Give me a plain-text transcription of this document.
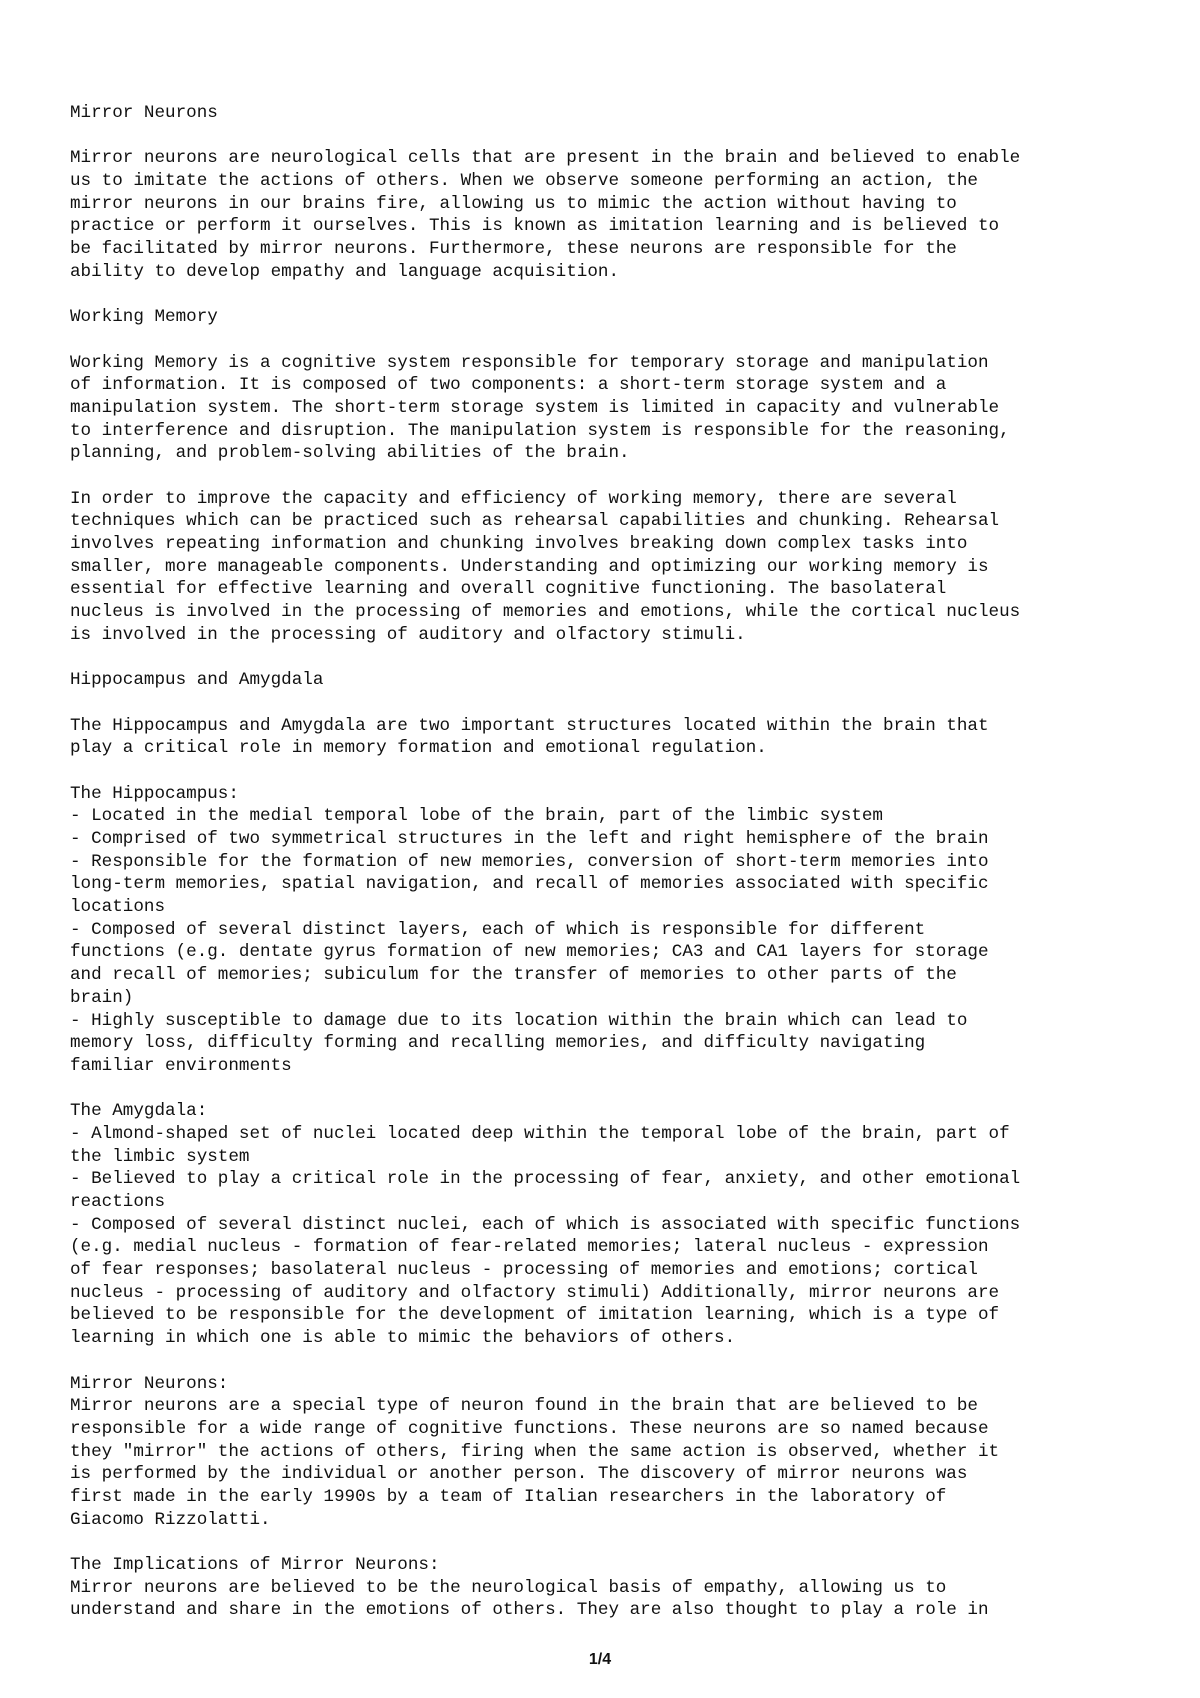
Mirror Neurons
Mirror neurons are neurological cells that are present in the brain and believed to enable
us to imitate the actions of others. When we observe someone performing an action, the
mirror neurons in our brains fire, allowing us to mimic the action without having to
practice or perform it ourselves. This is known as imitation learning and is believed to
be facilitated by mirror neurons. Furthermore, these neurons are responsible for the
ability to develop empathy and language acquisition.
Working Memory
Working Memory is a cognitive system responsible for temporary storage and manipulation
of information. It is composed of two components: a short-term storage system and a
manipulation system. The short-term storage system is limited in capacity and vulnerable
to interference and disruption. The manipulation system is responsible for the reasoning,
planning, and problem-solving abilities of the brain.
In order to improve the capacity and efficiency of working memory, there are several
techniques which can be practiced such as rehearsal capabilities and chunking. Rehearsal
involves repeating information and chunking involves breaking down complex tasks into
smaller, more manageable components. Understanding and optimizing our working memory is
essential for effective learning and overall cognitive functioning. The basolateral
nucleus is involved in the processing of memories and emotions, while the cortical nucleus
is involved in the processing of auditory and olfactory stimuli.
Hippocampus and Amygdala
The Hippocampus and Amygdala are two important structures located within the brain that
play a critical role in memory formation and emotional regulation.
The Hippocampus:
- Located in the medial temporal lobe of the brain, part of the limbic system
- Comprised of two symmetrical structures in the left and right hemisphere of the brain
- Responsible for the formation of new memories, conversion of short-term memories into
long-term memories, spatial navigation, and recall of memories associated with specific
locations
- Composed of several distinct layers, each of which is responsible for different
functions (e.g. dentate gyrus formation of new memories; CA3 and CA1 layers for storage
and recall of memories; subiculum for the transfer of memories to other parts of the
brain)
- Highly susceptible to damage due to its location within the brain which can lead to
memory loss, difficulty forming and recalling memories, and difficulty navigating
familiar environments
The Amygdala:
- Almond-shaped set of nuclei located deep within the temporal lobe of the brain, part of
the limbic system
- Believed to play a critical role in the processing of fear, anxiety, and other emotional
reactions
- Composed of several distinct nuclei, each of which is associated with specific functions
(e.g. medial nucleus - formation of fear-related memories; lateral nucleus - expression
of fear responses; basolateral nucleus - processing of memories and emotions; cortical
nucleus - processing of auditory and olfactory stimuli) Additionally, mirror neurons are
believed to be responsible for the development of imitation learning, which is a type of
learning in which one is able to mimic the behaviors of others.
Mirror Neurons:
Mirror neurons are a special type of neuron found in the brain that are believed to be
responsible for a wide range of cognitive functions. These neurons are so named because
they "mirror" the actions of others, firing when the same action is observed, whether it
is performed by the individual or another person. The discovery of mirror neurons was
first made in the early 1990s by a team of Italian researchers in the laboratory of
Giacomo Rizzolatti.
The Implications of Mirror Neurons:
Mirror neurons are believed to be the neurological basis of empathy, allowing us to
understand and share in the emotions of others. They are also thought to play a role in
1/4
